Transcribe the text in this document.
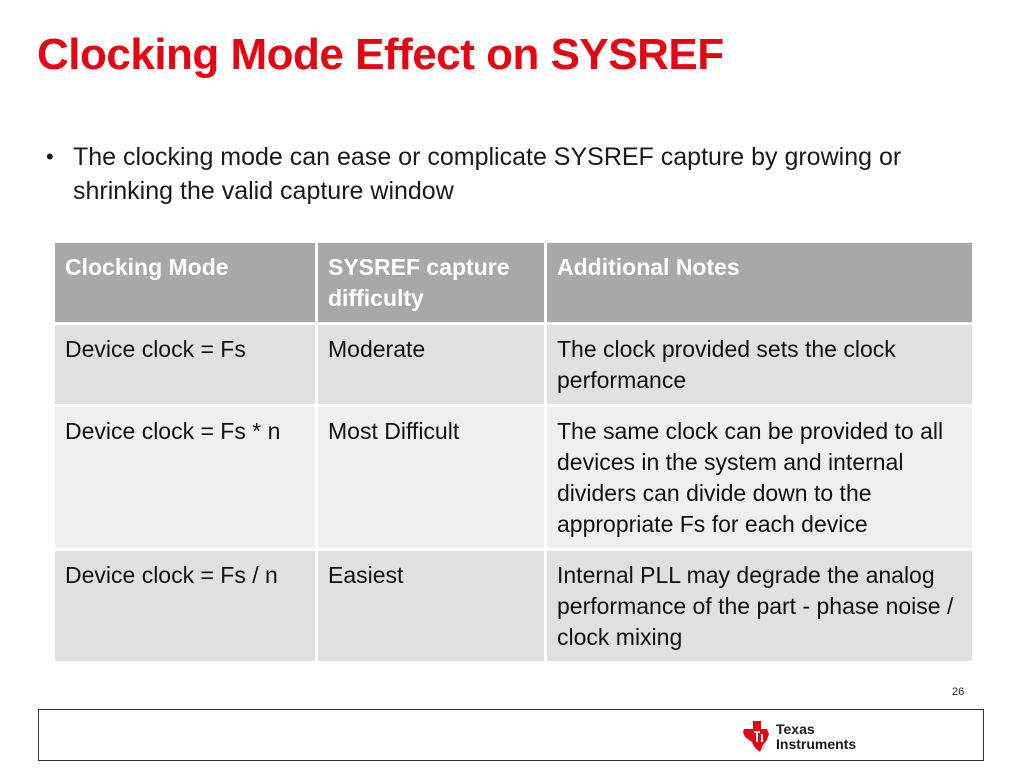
Clocking Mode Effect on SYSREF
• The clocking mode can ease or complicate SYSREF capture by growing or shrinking the valid capture window
Clocking Mode	SYSREF capture difficulty	Additional Notes
Device clock = Fs	Moderate	The clock provided sets the clock performance
Device clock = Fs * n	Most Difficult	The same clock can be provided to all devices in the system and internal dividers can divide down to the appropriate Fs for each device
Device clock = Fs / n	Easiest	Internal PLL may degrade the analog performance of the part - phase noise / clock mixing
26
Texas
Instruments
